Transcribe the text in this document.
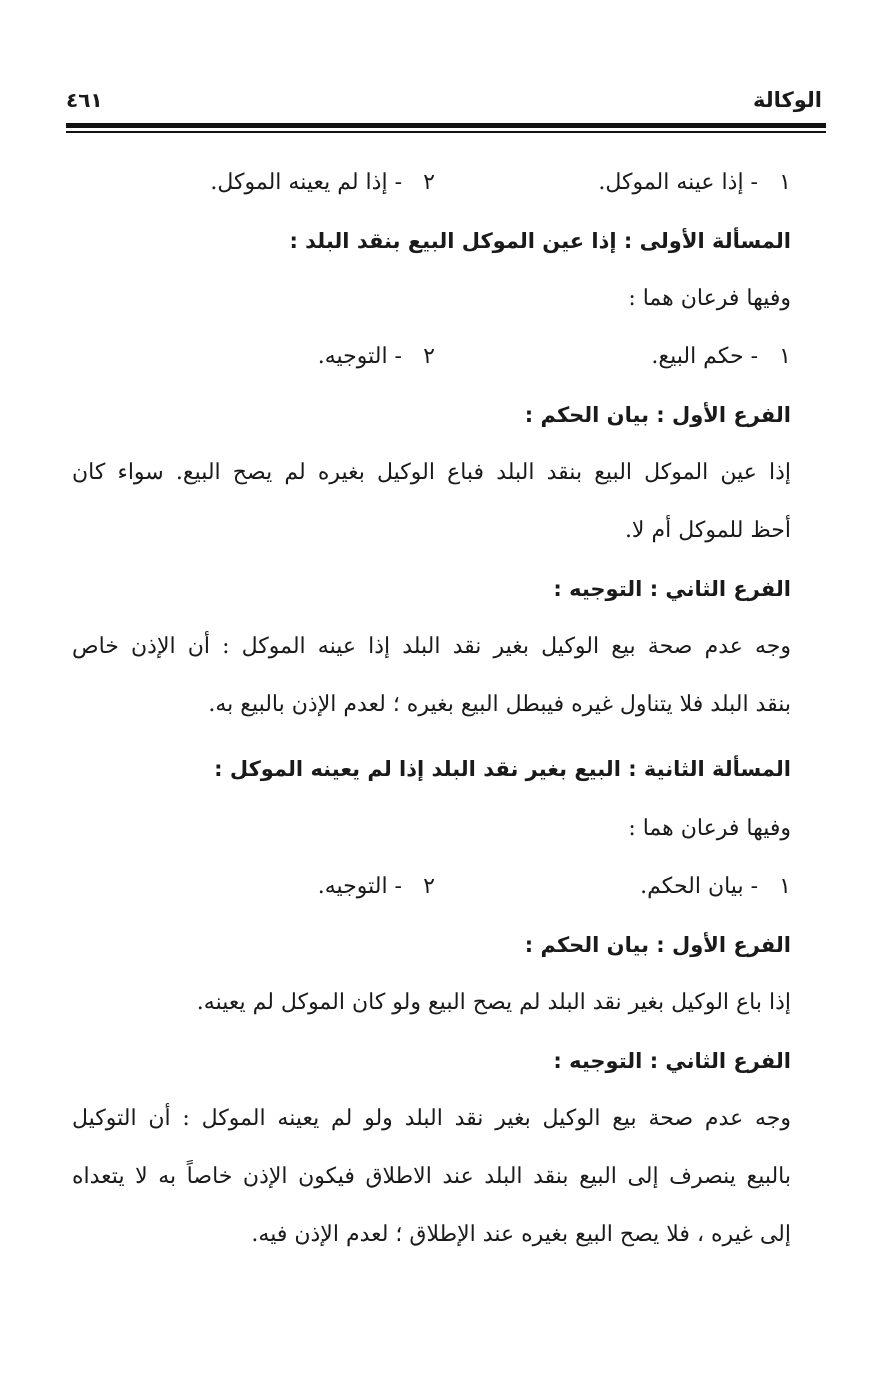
الوكالة
٤٦١
١ - إذا عينه الموكل.
٢ - إذا لم يعينه الموكل.
المسألة الأولى : إذا عين الموكل البيع بنقد البلد :
وفيها فرعان هما :
١ - حكم البيع.
٢ - التوجيه.
الفرع الأول : بيان الحكم :
إذا عين الموكل البيع بنقد البلد فباع الوكيل بغيره لم يصح البيع. سواء كان
أحظ للموكل أم لا.
الفرع الثاني : التوجيه :
وجه عدم صحة بيع الوكيل بغير نقد البلد إذا عينه الموكل : أن الإذن خاص
بنقد البلد فلا يتناول غيره فيبطل البيع بغيره ؛ لعدم الإذن بالبيع به.
المسألة الثانية : البيع بغير نقد البلد إذا لم يعينه الموكل :
وفيها فرعان هما :
١ - بيان الحكم.
٢ - التوجيه.
الفرع الأول : بيان الحكم :
إذا باع الوكيل بغير نقد البلد لم يصح البيع ولو كان الموكل لم يعينه.
الفرع الثاني : التوجيه :
وجه عدم صحة بيع الوكيل بغير نقد البلد ولو لم يعينه الموكل : أن التوكيل
بالبيع ينصرف إلى البيع بنقد البلد عند الاطلاق فيكون الإذن خاصاً به لا يتعداه
إلى غيره ، فلا يصح البيع بغيره عند الإطلاق ؛ لعدم الإذن فيه.
